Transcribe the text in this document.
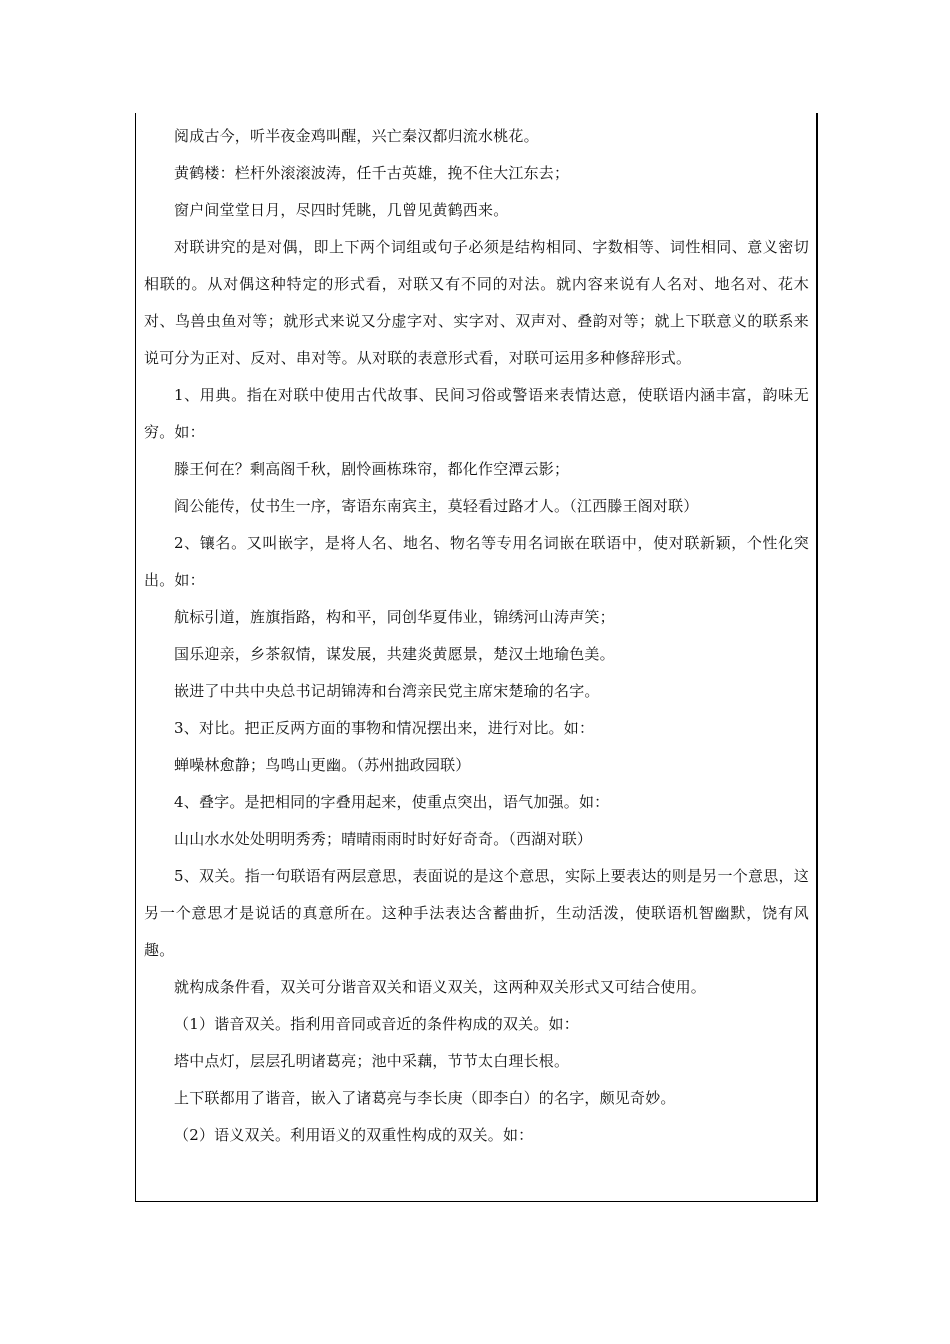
阅成古今，听半夜金鸡叫醒，兴亡秦汉都归流水桃花。

黄鹤楼：栏杆外滚滚波涛，任千古英雄，挽不住大江东去；

窗户间堂堂日月，尽四时凭眺，几曾见黄鹤西来。

对联讲究的是对偶，即上下两个词组或句子必须是结构相同、字数相等、词性相同、意义密切相联的。从对偶这种特定的形式看，对联又有不同的对法。就内容来说有人名对、地名对、花木对、鸟兽虫鱼对等；就形式来说又分虚字对、实字对、双声对、叠韵对等；就上下联意义的联系来说可分为正对、反对、串对等。从对联的表意形式看，对联可运用多种修辞形式。

1、用典。指在对联中使用古代故事、民间习俗或警语来表情达意，使联语内涵丰富，韵味无穷。如：

滕王何在？剩高阁千秋，剧怜画栋珠帘，都化作空潭云影；

阎公能传，仗书生一序，寄语东南宾主，莫轻看过路才人。（江西滕王阁对联）

2、镶名。又叫嵌字，是将人名、地名、物名等专用名词嵌在联语中，使对联新颖，个性化突出。如：

航标引道，旌旗指路，构和平，同创华夏伟业，锦绣河山涛声笑；

国乐迎亲，乡茶叙情，谋发展，共建炎黄愿景，楚汉土地瑜色美。

嵌进了中共中央总书记胡锦涛和台湾亲民党主席宋楚瑜的名字。

3、对比。把正反两方面的事物和情况摆出来，进行对比。如：

蝉噪林愈静；鸟鸣山更幽。（苏州拙政园联）

4、叠字。是把相同的字叠用起来，使重点突出，语气加强。如：

山山水水处处明明秀秀；晴晴雨雨时时好好奇奇。（西湖对联）

5、双关。指一句联语有两层意思，表面说的是这个意思，实际上要表达的则是另一个意思，这另一个意思才是说话的真意所在。这种手法表达含蓄曲折，生动活泼，使联语机智幽默，饶有风趣。

就构成条件看，双关可分谐音双关和语义双关，这两种双关形式又可结合使用。

（1）谐音双关。指利用音同或音近的条件构成的双关。如：

塔中点灯，层层孔明诸葛亮；池中采藕，节节太白理长根。

上下联都用了谐音，嵌入了诸葛亮与李长庚（即李白）的名字，颇见奇妙。

（2）语义双关。利用语义的双重性构成的双关。如：
